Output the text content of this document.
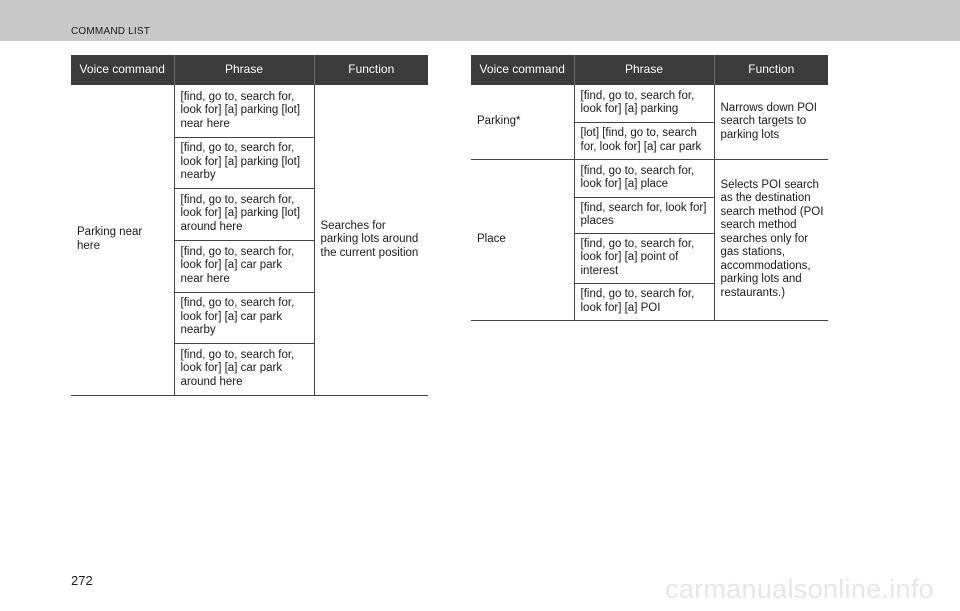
COMMAND LIST
Voice command	Phrase	Function
Parking near here	[find, go to, search for, look for] [a] parking [lot] near here	Searches for parking lots around the current position
	[find, go to, search for, look for] [a] parking [lot] nearby	
	[find, go to, search for, look for] [a] parking [lot] around here	
	[find, go to, search for, look for] [a] car park near here	
	[find, go to, search for, look for] [a] car park nearby	
	[find, go to, search for, look for] [a] car park around here	
Voice command	Phrase	Function
Parking*	[find, go to, search for, look for] [a] parking	Narrows down POI search targets to parking lots
	[lot] [find, go to, search for, look for] [a] car park	
Place	[find, go to, search for, look for] [a] place	Selects POI search as the destination search method (POI search method searches only for gas stations, accommodations, parking lots and restaurants.)
	[find, search for, look for] places	
	[find, go to, search for, look for] [a] point of interest	
	[find, go to, search for, look for] [a] POI	
272	carmanualsonline.info
